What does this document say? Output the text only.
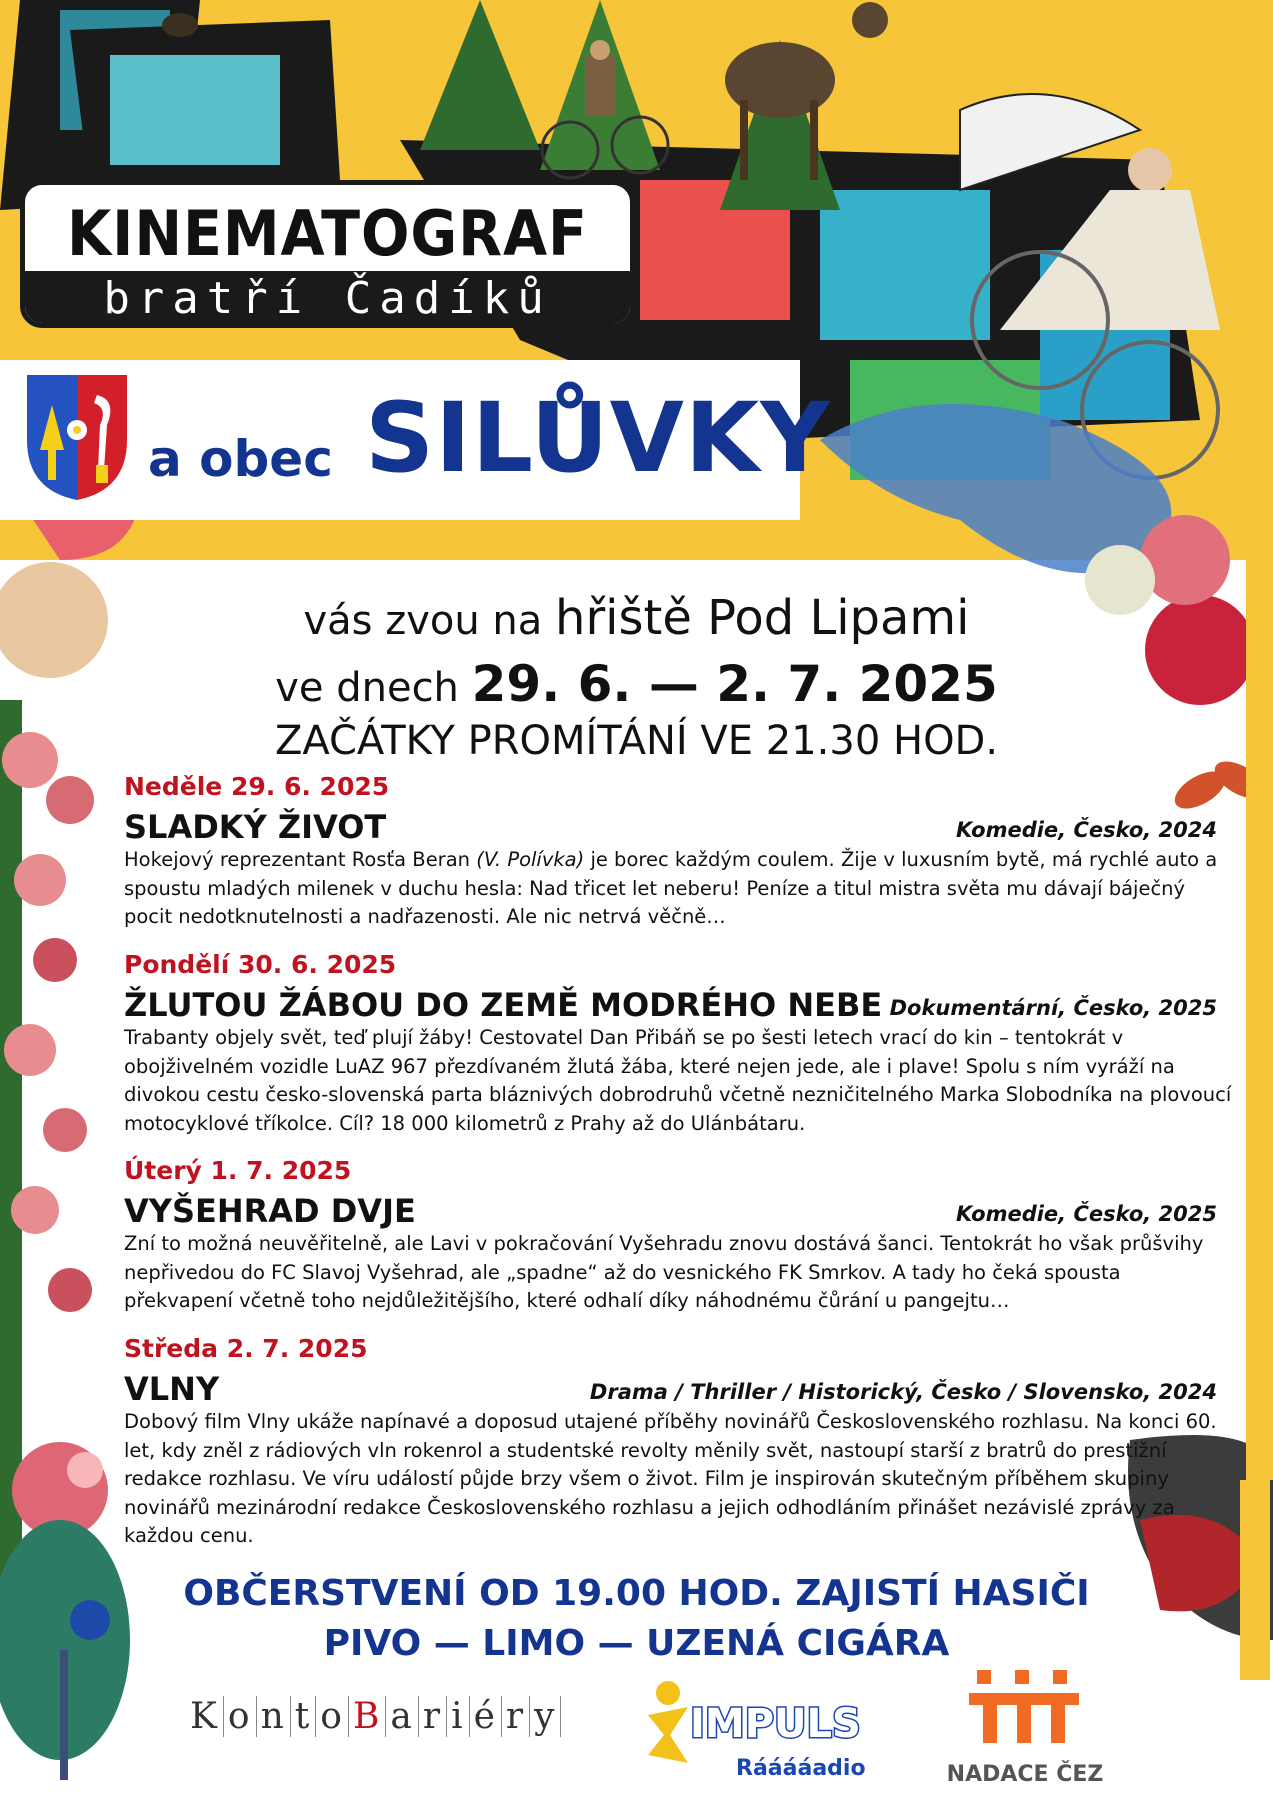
KINEMATOGRAF
bratří Čadíků
a obec SILŮVKY
vás zvou na hřiště Pod Lipami
ve dnech 29. 6. — 2. 7. 2025
ZAČÁTKY PROMÍTÁNÍ VE 21.30 HOD.
Neděle 29. 6. 2025
SLADKÝ ŽIVOT	Komedie, Česko, 2024
Hokejový reprezentant Rosťa Beran (V. Polívka) je borec každým coulem. Žije v luxusním bytě, má rychlé auto a spoustu mladých milenek v duchu hesla: Nad třicet let neberu! Peníze a titul mistra světa mu dávají báječný pocit nedotknutelnosti a nadřazenosti. Ale nic netrvá věčně…
Pondělí 30. 6. 2025
ŽLUTOU ŽÁBOU DO ZEMĚ MODRÉHO NEBE Dokumentární, Česko, 2025
Trabanty objely svět, teď plují žáby! Cestovatel Dan Přibáň se po šesti letech vrací do kin – tentokrát v obojživelném vozidle LuAZ 967 přezdívaném žlutá žába, které nejen jede, ale i plave! Spolu s ním vyráží na divokou cestu česko-slovenská parta bláznivých dobrodruhů včetně nezničitelného Marka Slobodníka na plovoucí motocyklové tříkolce. Cíl? 18 000 kilometrů z Prahy až do Ulánbátaru.
Úterý 1. 7. 2025
VYŠEHRAD DVJE	Komedie, Česko, 2025
Zní to možná neuvěřitelně, ale Lavi v pokračování Vyšehradu znovu dostává šanci. Tentokrát ho však průšvihy nepřivedou do FC Slavoj Vyšehrad, ale „spadne“ až do vesnického FK Smrkov. A tady ho čeká spousta překvapení včetně toho nejdůležitějšího, které odhalí díky náhodnému čůrání u pangejtu…
Středa 2. 7. 2025
VLNY	Drama / Thriller / Historický, Česko / Slovensko, 2024
Dobový film Vlny ukáže napínavé a doposud utajené příběhy novinářů Československého rozhlasu. Na konci 60. let, kdy zněl z rádiových vln rokenrol a studentské revolty měnily svět, nastoupí starší z bratrů do prestižní redakce rozhlasu. Ve víru událostí půjde brzy všem o život. Film je inspirován skutečným příběhem skupiny novinářů mezinárodní redakce Československého rozhlasu a jejich odhodláním přinášet nezávislé zprávy za každou cenu.
OBČERSTVENÍ OD 19.00 HOD. ZAJISTÍ HASIČI
PIVO — LIMO — UZENÁ CIGÁRA
K o n t o B a r i é r y	IMPULS
Rááááadio	NADACE ČEZ
